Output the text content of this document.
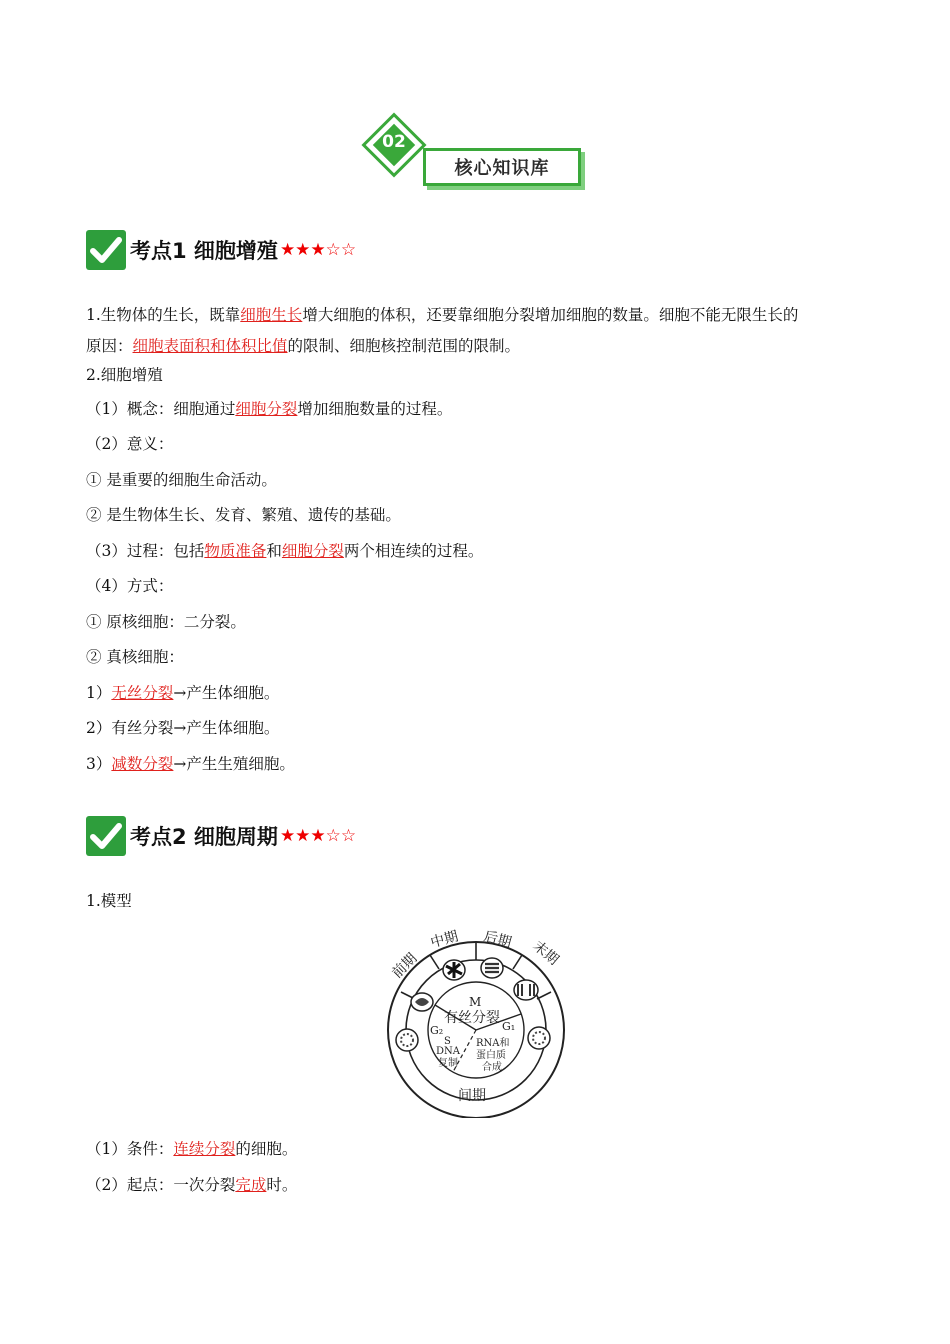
核心知识库
02
考点1 细胞增殖 ★★★☆☆
1.生物体的生长，既靠细胞生长增大细胞的体积，还要靠细胞分裂增加细胞的数量。细胞不能无限生长的
原因：细胞表面积和体积比值的限制、细胞核控制范围的限制。
2.细胞增殖
（1）概念：细胞通过细胞分裂增加细胞数量的过程。
（2）意义：
① 是重要的细胞生命活动。
② 是生物体生长、发育、繁殖、遗传的基础。
（3）过程：包括物质准备和细胞分裂两个相连续的过程。
（4）方式：
① 原核细胞：二分裂。
② 真核细胞：
1）无丝分裂→产生体细胞。
2）有丝分裂→产生体细胞。
3）减数分裂→产生生殖细胞。
考点2 细胞周期 ★★★☆☆
1.模型
前期
中期 后期 末期
M
有丝分裂
G₂	G₁
S
DNA
复制
RNA和
蛋白质
合成
间期
（1）条件：连续分裂的细胞。
（2）起点：一次分裂完成时。
